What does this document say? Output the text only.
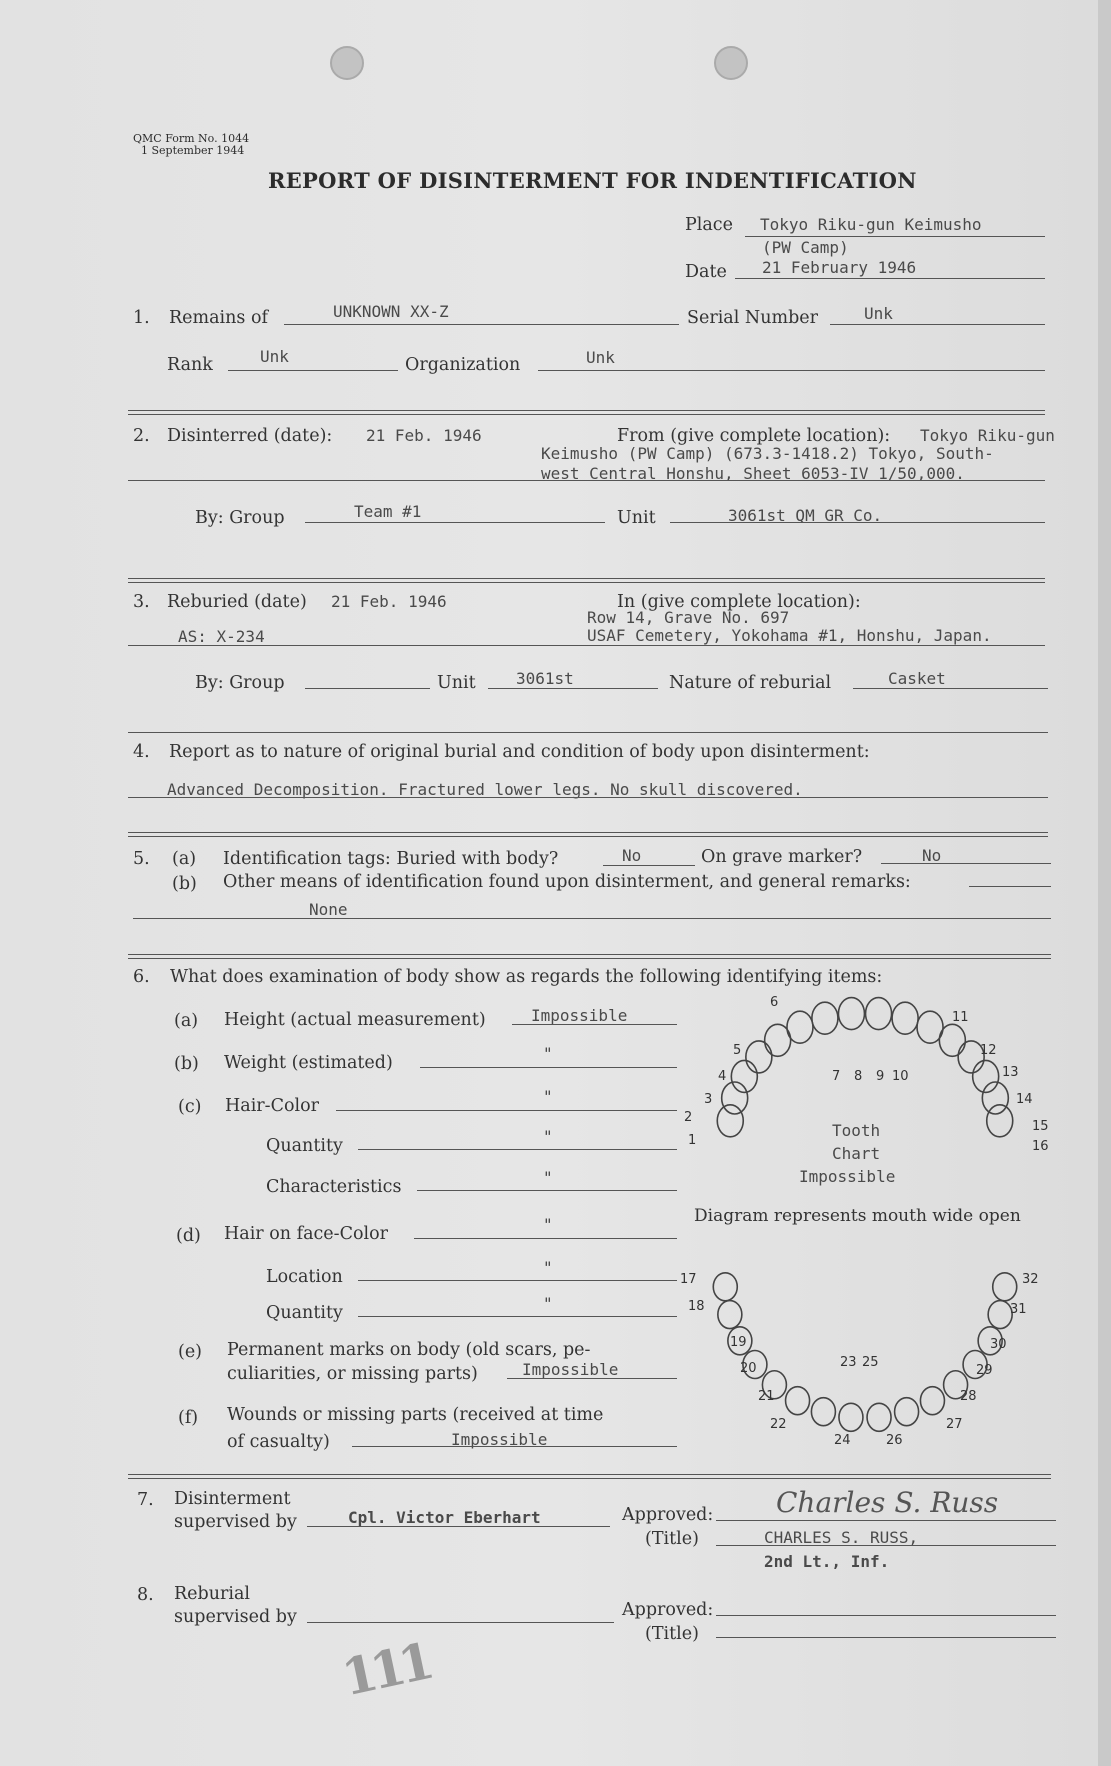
QMC Form No. 1044
1 September 1944
REPORT OF DISINTERMENT FOR INDENTIFICATION
Place Tokyo Riku-gun Keimusho
(PW Camp)
Date 21 February 1946
1. Remains of	UNKNOWN XX-Z	Serial Number	Unk
Rank	Unk	Organization	Unk
2. Disinterred (date): 21 Feb. 1946	From (give complete location): Tokyo Riku-gun
Keimusho (PW Camp) (673.3-1418.2) Tokyo, South-
west Central Honshu, Sheet 6053-IV 1/50,000.
By: Group	Team #1	Unit	3061st QM GR Co.
3. Reburied (date) 21 Feb. 1946	In (give complete location):
Row 14, Grave No. 697
USAF Cemetery, Yokohama #1, Honshu, Japan.
AS: X-234
By: Group	Unit	3061st	Nature of reburial	Casket
4. Report as to nature of original burial and condition of body upon disinterment:
Advanced Decomposition. Fractured lower legs. No skull discovered.
5. (a) Identification tags: Buried with body?	No	On grave marker?	No
(b) Other means of identification found upon disinterment, and general remarks:
None
6. What does examination of body show as regards the following identifying items:
(a) Height (actual measurement)	Impossible
(b) Weight (estimated)	"
(c) Hair-Color	"
Quantity	"
Characteristics	"
(d) Hair on face-Color	"
Location	"
Quantity	"
(e) Permanent marks on body (old scars, pe-
culiarities, or missing parts)	Impossible
(f) Wounds or missing parts (received at time
of casualty)	Impossible
1
2
3
4
5
6
7 8 9 10
11
12
13
14
15
16
Tooth
Chart
Impossible
Diagram represents mouth wide open
17
18
19
20
21
22
23
24
25
26
27
28
29
30
31
32
7. Disinterment
supervised by	Cpl. Victor Eberhart	Approved: Charles S. Russ
(Title)	CHARLES S. RUSS,
2nd Lt., Inf.
8. Reburial
supervised by	Approved:
(Title)
111
